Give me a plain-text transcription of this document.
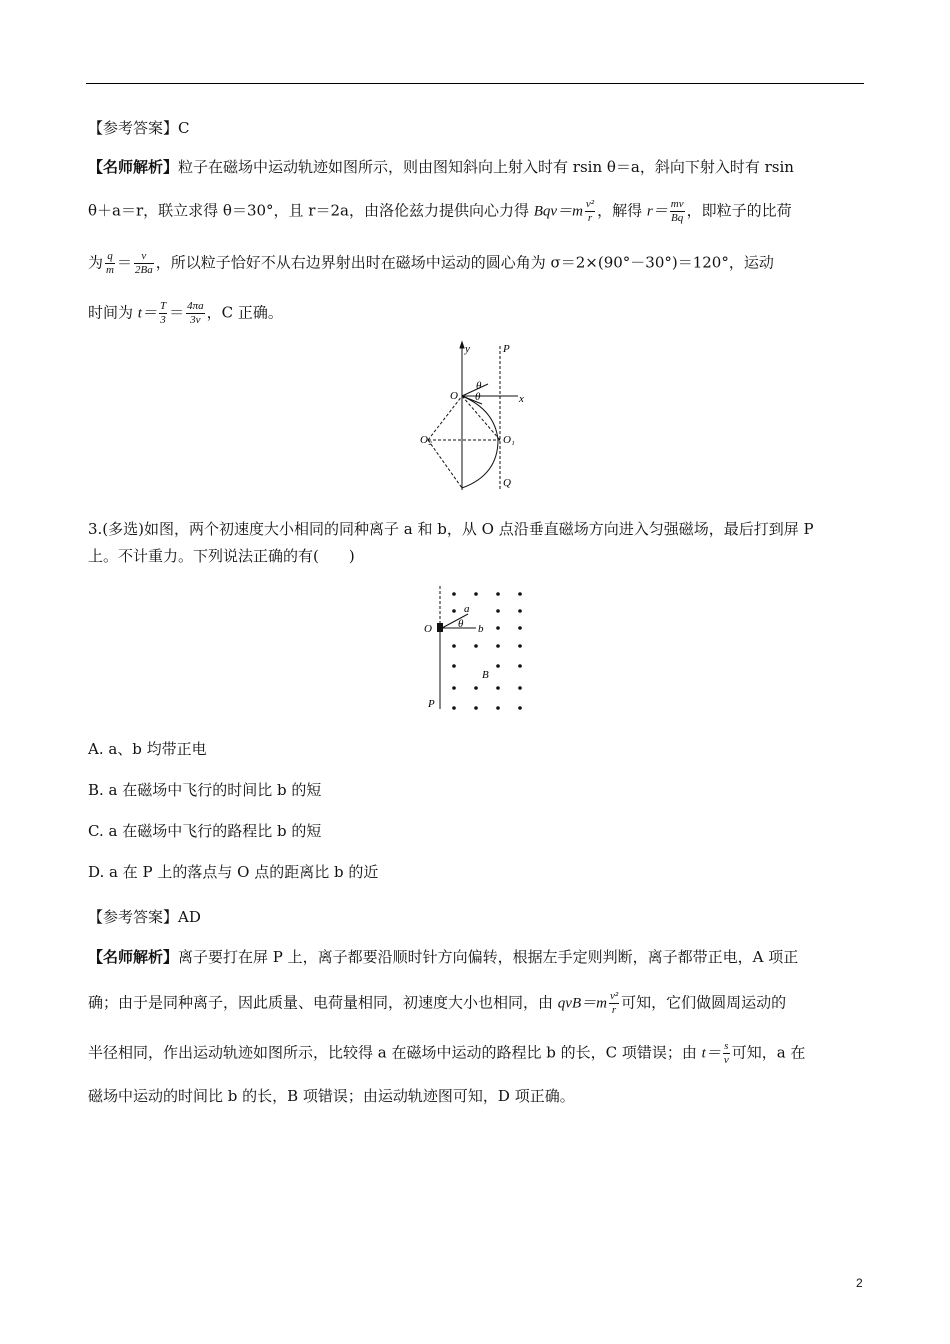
【参考答案】C
【名师解析】粒子在磁场中运动轨迹如图所示，则由图知斜向上射入时有 rsin θ＝a，斜向下射入时有 rsin
θ＋a＝r，联立求得 θ＝30°，且 r＝2a，由洛伦兹力提供向心力得 $Bqv=m \frac{\text{v²}}{r}$ ，解得 $r= \frac{mv}{Bq}$ ，即粒子的比荷
为 $\frac{q}{m} = \frac{v}{2Ba}$ ，所以粒子恰好不从右边界射出时在磁场中运动的圆心角为 σ＝2×(90°－30°)＝120°，运动
时间为 $t= \frac{T}{3} = \frac{4\pi a}{3v}$ ，C 正确。
y	P
O
θ
θ	x
O₂	O₁
Q
3.(多选)如图，两个初速度大小相同的同种离子 a 和 b，从 O 点沿垂直磁场方向进入匀强磁场，最后打到屏 P
上。不计重力。下列说法正确的有(　　)
O
a
θ b
B
P
A. a、b 均带正电
B. a 在磁场中飞行的时间比 b 的短
C. a 在磁场中飞行的路程比 b 的短
D. a 在 P 上的落点与 O 点的距离比 b 的近
【参考答案】AD
【名师解析】离子要打在屏 P 上，离子都要沿顺时针方向偏转，根据左手定则判断，离子都带正电，A 项正
确；由于是同种离子，因此质量、电荷量相同，初速度大小也相同，由 $qvB=m \frac{\text{v²}}{r}$ 可知，它们做圆周运动的
半径相同，作出运动轨迹如图所示，比较得 a 在磁场中运动的路程比 b 的长，C 项错误；由 $t= \frac{s}{v}$ 可知，a 在
磁场中运动的时间比 b 的长，B 项错误；由运动轨迹图可知，D 项正确。
2
